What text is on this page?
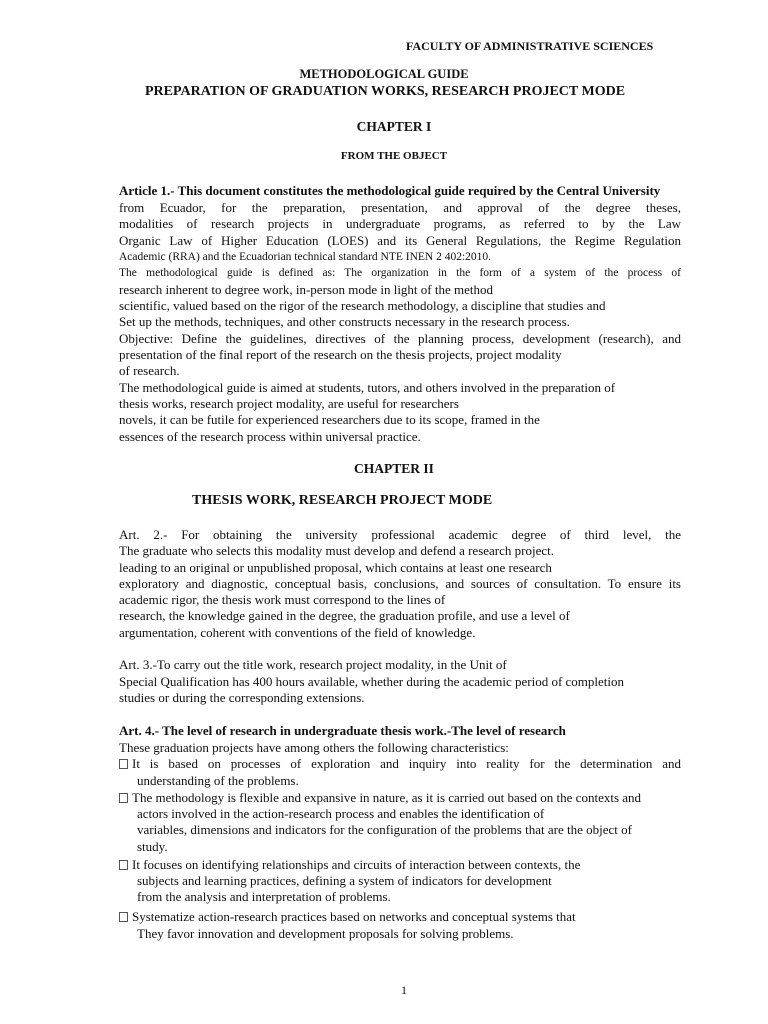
FACULTY OF ADMINISTRATIVE SCIENCES
METHODOLOGICAL GUIDE
PREPARATION OF GRADUATION WORKS, RESEARCH PROJECT MODE
CHAPTER I
FROM THE OBJECT
Article 1.- This document constitutes the methodological guide required by the Central University
from Ecuador, for the preparation, presentation, and approval of the degree theses,
modalities of research projects in undergraduate programs, as referred to by the Law
Organic Law of Higher Education (LOES) and its General Regulations, the Regime Regulation
Academic (RRA) and the Ecuadorian technical standard NTE INEN 2 402:2010.
The methodological guide is defined as: The organization in the form of a system of the process of
research inherent to degree work, in-person mode in light of the method
scientific, valued based on the rigor of the research methodology, a discipline that studies and
Set up the methods, techniques, and other constructs necessary in the research process.
Objective: Define the guidelines, directives of the planning process, development (research), and
presentation of the final report of the research on the thesis projects, project modality
of research.
The methodological guide is aimed at students, tutors, and others involved in the preparation of
thesis works, research project modality, are useful for researchers
novels, it can be futile for experienced researchers due to its scope, framed in the
essences of the research process within universal practice.
CHAPTER II
THESIS WORK, RESEARCH PROJECT MODE
Art. 2.- For obtaining the university professional academic degree of third level, the
The graduate who selects this modality must develop and defend a research project.
leading to an original or unpublished proposal, which contains at least one research
exploratory and diagnostic, conceptual basis, conclusions, and sources of consultation. To ensure its
academic rigor, the thesis work must correspond to the lines of
research, the knowledge gained in the degree, the graduation profile, and use a level of
argumentation, coherent with conventions of the field of knowledge.
Art. 3.-To carry out the title work, research project modality, in the Unit of
Special Qualification has 400 hours available, whether during the academic period of completion
studies or during the corresponding extensions.
Art. 4.- The level of research in undergraduate thesis work.-The level of research
These graduation projects have among others the following characteristics:
It is based on processes of exploration and inquiry into reality for the determination and
understanding of the problems.
The methodology is flexible and expansive in nature, as it is carried out based on the contexts and
actors involved in the action-research process and enables the identification of
variables, dimensions and indicators for the configuration of the problems that are the object of
study.
It focuses on identifying relationships and circuits of interaction between contexts, the
subjects and learning practices, defining a system of indicators for development
from the analysis and interpretation of problems.
Systematize action-research practices based on networks and conceptual systems that
They favor innovation and development proposals for solving problems.
1
